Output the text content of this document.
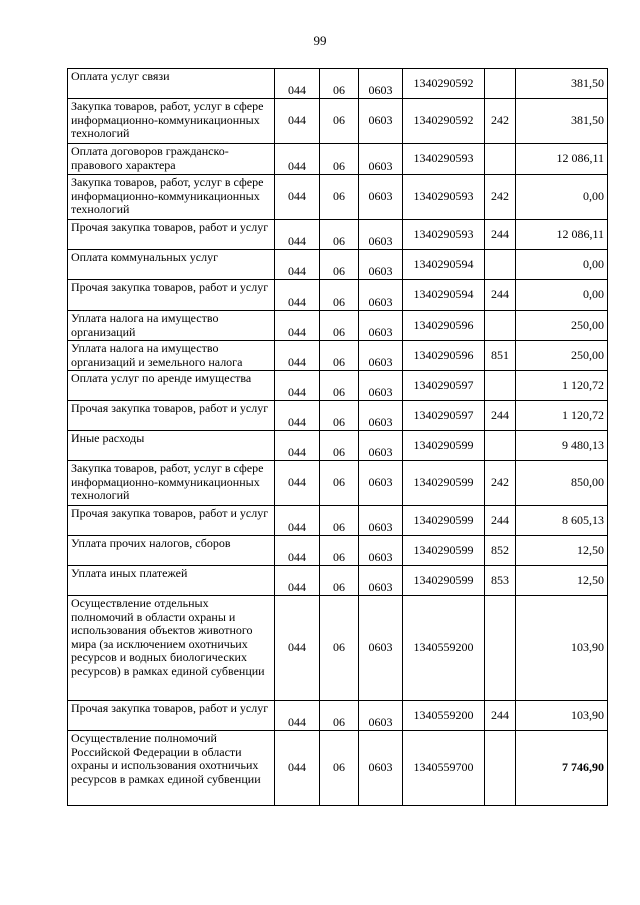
99
Оплата услуг связи	044	06	0603	1340290592		381,50
Закупка товаров, работ, услуг в сфере информационно-коммуникационных технологий	044	06	0603	1340290592	242	381,50
Оплата договоров гражданско-правового характера	044	06	0603	1340290593		12 086,11
Закупка товаров, работ, услуг в сфере информационно-коммуникационных технологий	044	06	0603	1340290593	242	0,00
Прочая закупка товаров, работ и услуг	044	06	0603	1340290593	244	12 086,11
Оплата коммунальных услуг	044	06	0603	1340290594		0,00
Прочая закупка товаров, работ и услуг	044	06	0603	1340290594	244	0,00
Уплата налога на имущество организаций	044	06	0603	1340290596		250,00
Уплата налога на имущество организаций и земельного налога	044	06	0603	1340290596	851	250,00
Оплата услуг по аренде имущества	044	06	0603	1340290597		1 120,72
Прочая закупка товаров, работ и услуг	044	06	0603	1340290597	244	1 120,72
Иные расходы	044	06	0603	1340290599		9 480,13
Закупка товаров, работ, услуг в сфере информационно-коммуникационных технологий	044	06	0603	1340290599	242	850,00
Прочая закупка товаров, работ и услуг	044	06	0603	1340290599	244	8 605,13
Уплата прочих налогов, сборов	044	06	0603	1340290599	852	12,50
Уплата иных платежей	044	06	0603	1340290599	853	12,50
Осуществление отдельных полномочий в области охраны и использования объектов животного мира (за исключением охотничьих ресурсов и водных биологических ресурсов) в рамках единой субвенции	044	06	0603	1340559200		103,90
Прочая закупка товаров, работ и услуг	044	06	0603	1340559200	244	103,90
Осуществление полномочий Российской Федерации в области охраны и использования охотничьих ресурсов в рамках единой субвенции	044	06	0603	1340559700		7 746,90
